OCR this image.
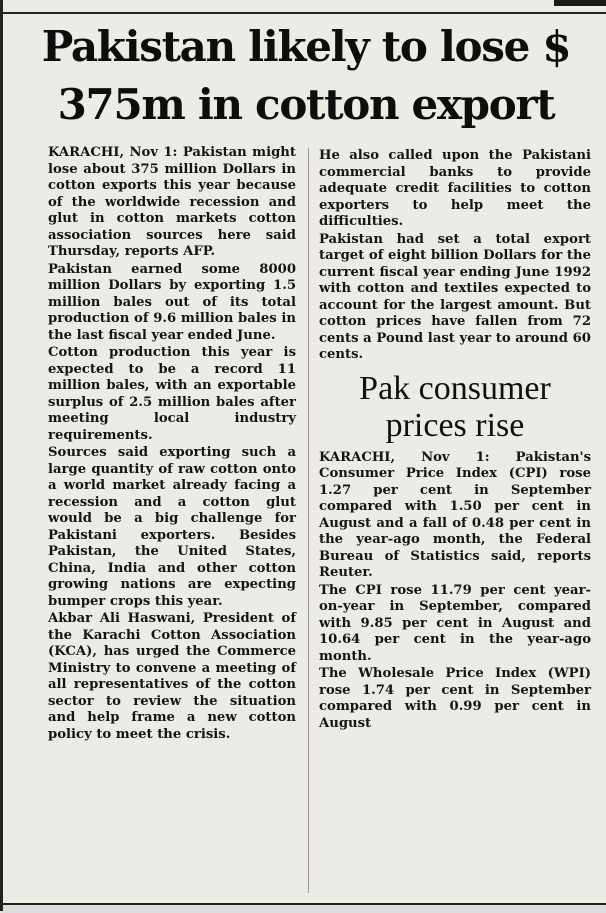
Pakistan likely to lose $ 375m in cotton export

KARACHI, Nov 1: Pakistan might lose about 375 million Dollars in cotton exports this year because of the worldwide recession and glut in cotton markets cotton association sources here said Thursday, reports AFP.

Pakistan earned some 8000 million Dollars by exporting 1.5 million bales out of its total production of 9.6 million bales in the last fiscal year ended June.

Cotton production this year is expected to be a record 11 million bales, with an exportable surplus of 2.5 million bales after meeting local industry requirements.

Sources said exporting such a large quantity of raw cotton onto a world market already facing a recession and a cotton glut would be a big challenge for Pakistani exporters. Besides Pakistan, the United States, China, India and other cotton growing nations are expecting bumper crops this year.

Akbar Ali Haswani, President of the Karachi Cotton Association (KCA), has urged the Commerce Ministry to convene a meeting of all representatives of the cotton sector to review the situation and help frame a new cotton policy to meet the crisis.

He also called upon the Pakistani commercial banks to provide adequate credit facilities to cotton exporters to help meet the difficulties.

Pakistan had set a total export target of eight billion Dollars for the current fiscal year ending June 1992 with cotton and textiles expected to account for the largest amount. But cotton prices have fallen from 72 cents a Pound last year to around 60 cents.

Pak consumer prices rise

KARACHI, Nov 1: Pakistan's Consumer Price Index (CPI) rose 1.27 per cent in September compared with 1.50 per cent in August and a fall of 0.48 per cent in the year-ago month, the Federal Bureau of Statistics said, reports Reuter.

The CPI rose 11.79 per cent year-on-year in September, compared with 9.85 per cent in August and 10.64 per cent in the year-ago month.

The Wholesale Price Index (WPI) rose 1.74 per cent in September compared with 0.99 per cent in August
